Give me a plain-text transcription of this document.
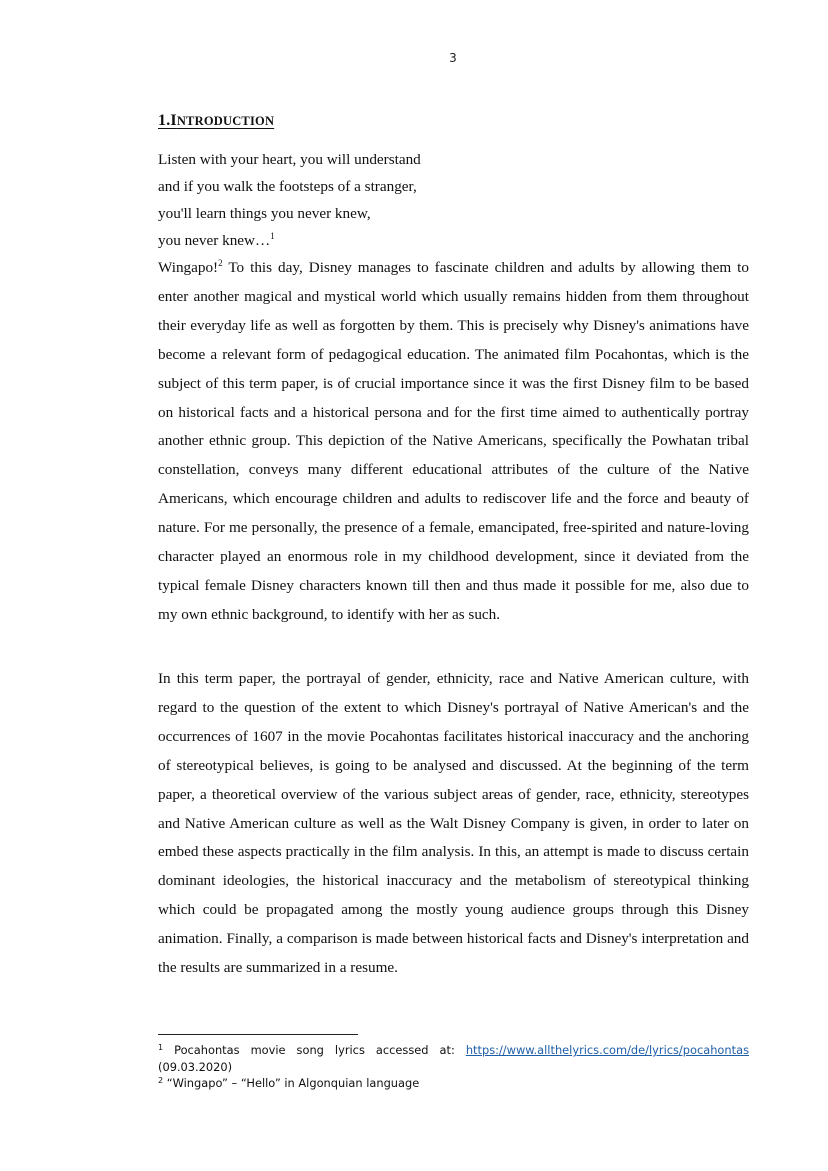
3
1.INTRODUCTION
Listen with your heart, you will understand
and if you walk the footsteps of a stranger,
you'll learn things you never knew,
you never knew…$^1$
Wingapo!$^2$ To this day, Disney manages to fascinate children and adults by allowing them to enter another magical and mystical world which usually remains hidden from them throughout their everyday life as well as forgotten by them. This is precisely why Disney's animations have become a relevant form of pedagogical education. The animated film Pocahontas, which is the subject of this term paper, is of crucial importance since it was the first Disney film to be based on historical facts and a historical persona and for the first time aimed to authentically portray another ethnic group. This depiction of the Native Americans, specifically the Powhatan tribal constellation, conveys many different educational attributes of the culture of the Native Americans, which encourage children and adults to rediscover life and the force and beauty of nature. For me personally, the presence of a female, emancipated, free-spirited and nature-loving character played an enormous role in my childhood development, since it deviated from the typical female Disney characters known till then and thus made it possible for me, also due to my own ethnic background, to identify with her as such.
In this term paper, the portrayal of gender, ethnicity, race and Native American culture, with regard to the question of the extent to which Disney's portrayal of Native American's and the occurrences of 1607 in the movie Pocahontas facilitates historical inaccuracy and the anchoring of stereotypical believes, is going to be analysed and discussed. At the beginning of the term paper, a theoretical overview of the various subject areas of gender, race, ethnicity, stereotypes and Native American culture as well as the Walt Disney Company is given, in order to later on embed these aspects practically in the film analysis. In this, an attempt is made to discuss certain dominant ideologies, the historical inaccuracy and the metabolism of stereotypical thinking which could be propagated among the mostly young audience groups through this Disney animation. Finally, a comparison is made between historical facts and Disney's interpretation and the results are summarized in a resume.
$^1$ Pocahontas movie song lyrics accessed at: https://www.allthelyrics.com/de/lyrics/pocahontas
(09.03.2020)
$^2$ “Wingapo” – “Hello” in Algonquian language
